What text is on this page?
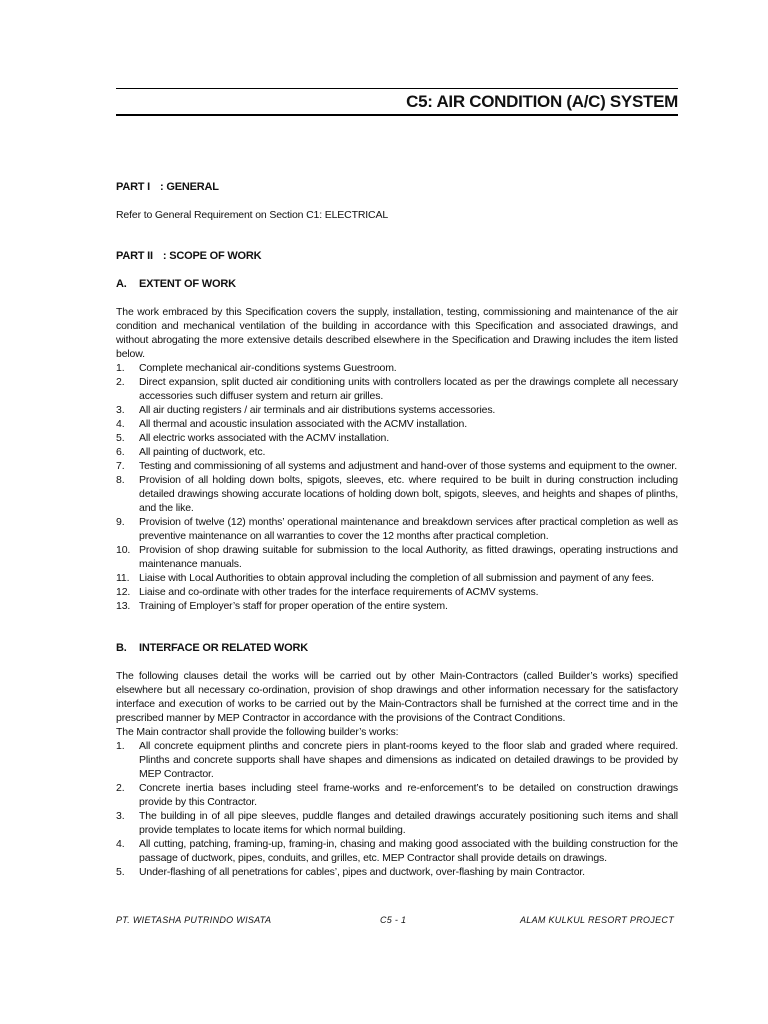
C5: AIR CONDITION (A/C) SYSTEM
PART I : GENERAL
Refer to General Requirement on Section C1: ELECTRICAL
PART II : SCOPE OF WORK
A. EXTENT OF WORK
The work embraced by this Specification covers the supply, installation, testing, commissioning and maintenance of the air condition and mechanical ventilation of the building in accordance with this Specification and associated drawings, and without abrogating the more extensive details described elsewhere in the Specification and Drawing includes the item listed below.
1. Complete mechanical air-conditions systems Guestroom.
2. Direct expansion, split ducted air conditioning units with controllers located as per the drawings complete all necessary accessories such diffuser system and return air grilles.
3. All air ducting registers / air terminals and air distributions systems accessories.
4. All thermal and acoustic insulation associated with the ACMV installation.
5. All electric works associated with the ACMV installation.
6. All painting of ductwork, etc.
7. Testing and commissioning of all systems and adjustment and hand-over of those systems and equipment to the owner.
8. Provision of all holding down bolts, spigots, sleeves, etc. where required to be built in during construction including detailed drawings showing accurate locations of holding down bolt, spigots, sleeves, and heights and shapes of plinths, and the like.
9. Provision of twelve (12) months’ operational maintenance and breakdown services after practical completion as well as preventive maintenance on all warranties to cover the 12 months after practical completion.
10. Provision of shop drawing suitable for submission to the local Authority, as fitted drawings, operating instructions and maintenance manuals.
11. Liaise with Local Authorities to obtain approval including the completion of all submission and payment of any fees.
12. Liaise and co-ordinate with other trades for the interface requirements of ACMV systems.
13. Training of Employer’s staff for proper operation of the entire system.
B. INTERFACE OR RELATED WORK
The following clauses detail the works will be carried out by other Main-Contractors (called Builder’s works) specified elsewhere but all necessary co-ordination, provision of shop drawings and other information necessary for the satisfactory interface and execution of works to be carried out by the Main-Contractors shall be furnished at the correct time and in the prescribed manner by MEP Contractor in accordance with the provisions of the Contract Conditions.
The Main contractor shall provide the following builder’s works:
1. All concrete equipment plinths and concrete piers in plant-rooms keyed to the floor slab and graded where required. Plinths and concrete supports shall have shapes and dimensions as indicated on detailed drawings to be provided by MEP Contractor.
2. Concrete inertia bases including steel frame-works and re-enforcement’s to be detailed on construction drawings provide by this Contractor.
3. The building in of all pipe sleeves, puddle flanges and detailed drawings accurately positioning such items and shall provide templates to locate items for which normal building.
4. All cutting, patching, framing-up, framing-in, chasing and making good associated with the building construction for the passage of ductwork, pipes, conduits, and grilles, etc. MEP Contractor shall provide details on drawings.
5. Under-flashing of all penetrations for cables’, pipes and ductwork, over-flashing by main Contractor.
PT. WIETASHA PUTRINDO WISATA	C5 - 1	ALAM KULKUL RESORT PROJECT
